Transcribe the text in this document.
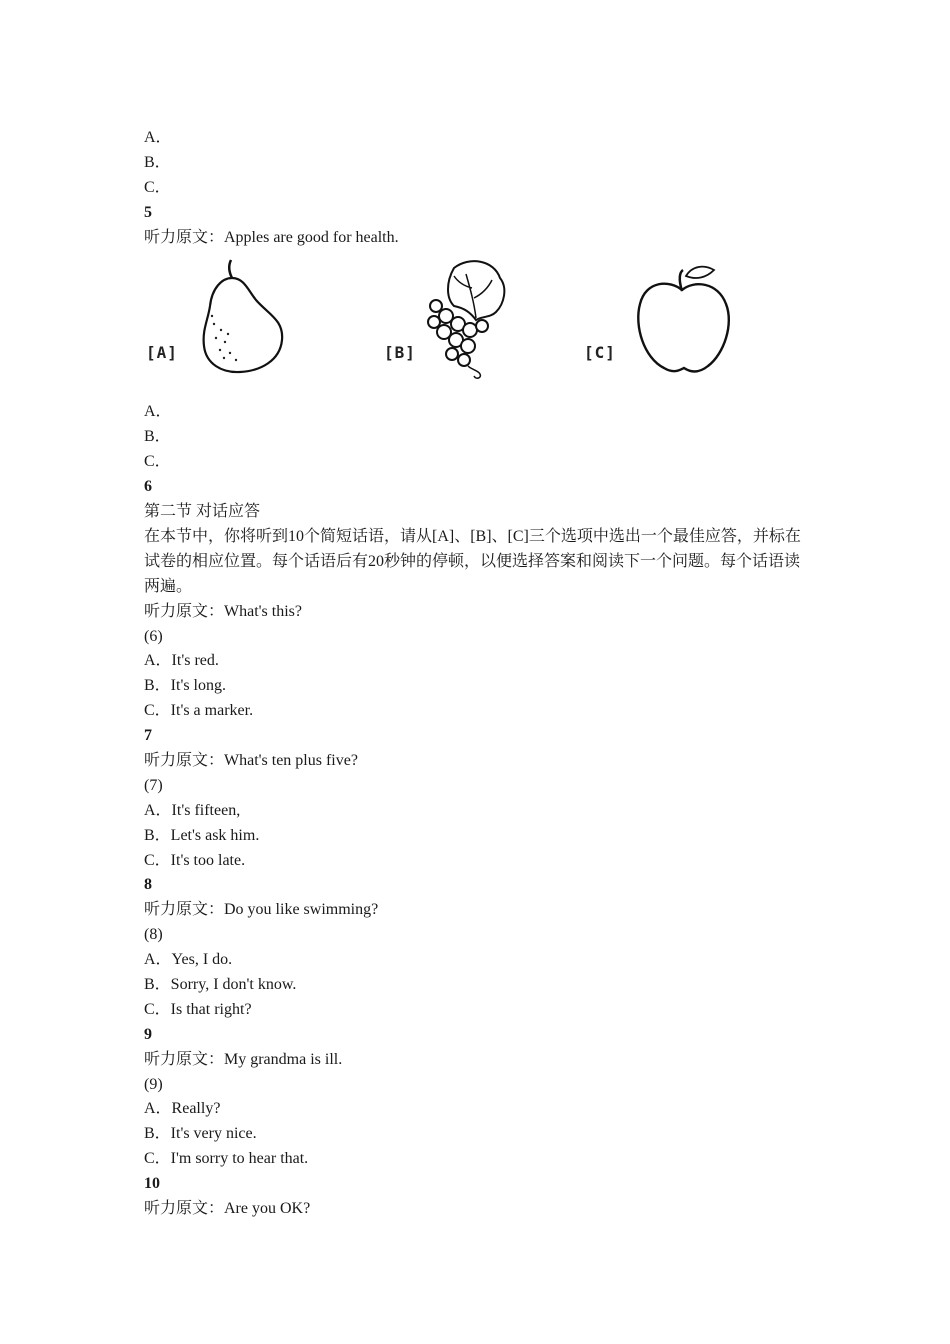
A．
B．
C．
5
听力原文：Apples are good for health.
[A]	[B]	[C]
A．
B．
C．
6
第二节 对话应答
在本节中，你将听到10个简短话语，请从[A]、[B]、[C]三个选项中选出一个最佳应答，并标在试卷的相应位置。每个话语后有20秒钟的停顿，以便选择答案和阅读下一个问题。每个话语读两遍。
听力原文：What's this?
(6)
A．It's red.
B．It's long.
C．It's a marker.
7
听力原文：What's ten plus five?
(7)
A．It's fifteen,
B．Let's ask him.
C．It's too late.
8
听力原文：Do you like swimming?
(8)
A．Yes, I do.
B．Sorry, I don't know.
C．Is that right?
9
听力原文：My grandma is ill.
(9)
A．Really?
B．It's very nice.
C．I'm sorry to hear that.
10
听力原文：Are you OK?
